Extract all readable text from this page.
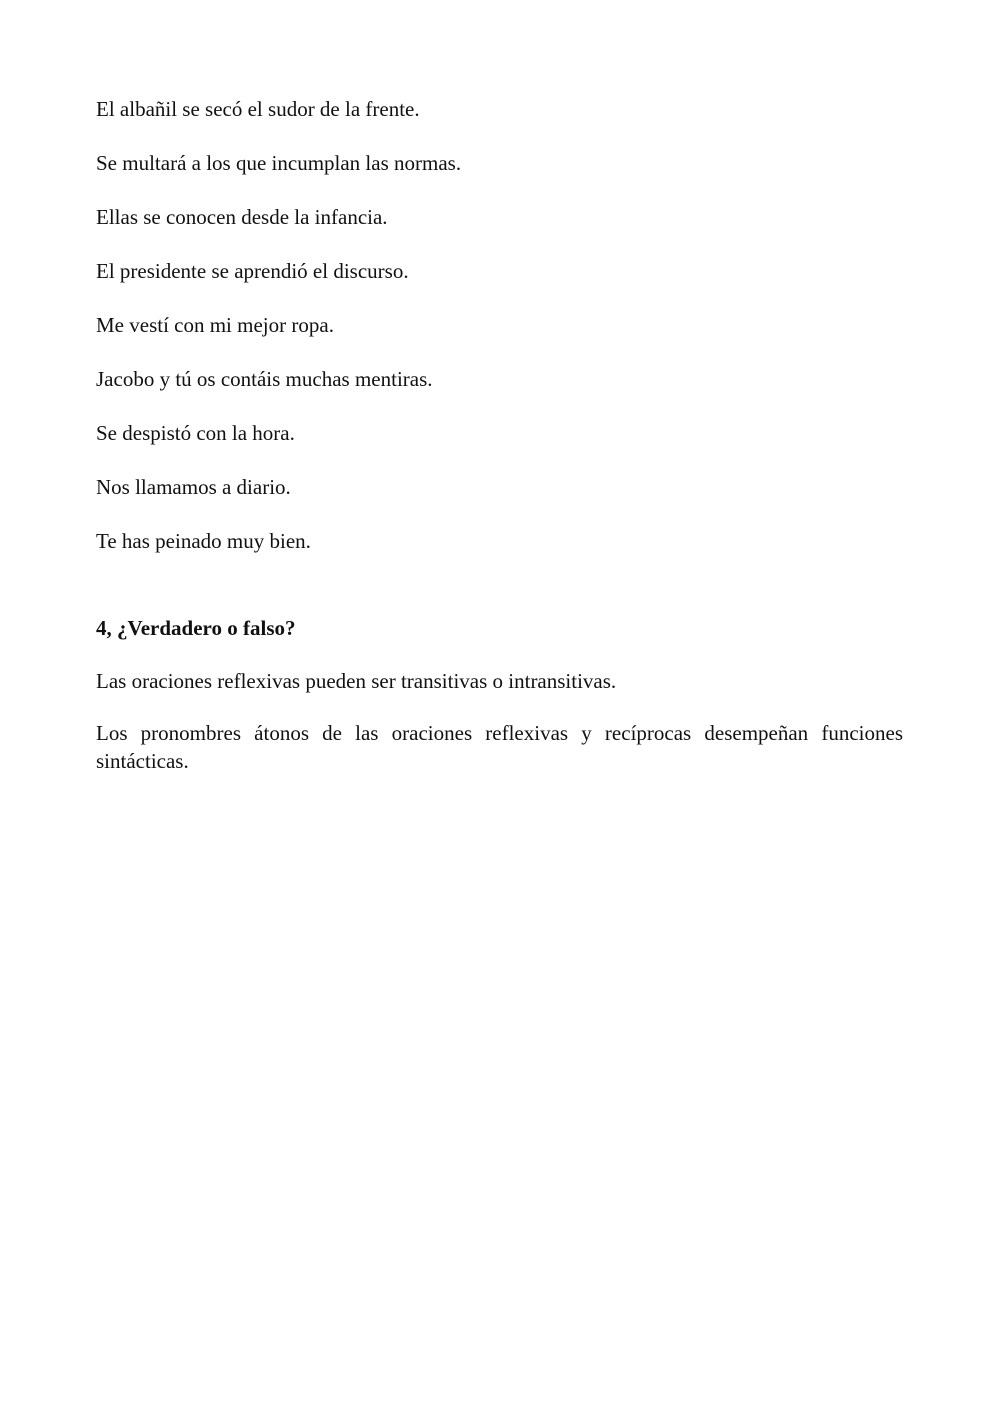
El albañil se secó el sudor de la frente.

Se multará a los que incumplan las normas.

Ellas se conocen desde la infancia.

El presidente se aprendió el discurso.

Me vestí con mi mejor ropa.

Jacobo y tú os contáis muchas mentiras.

Se despistó con la hora.

Nos llamamos a diario.

Te has peinado muy bien.

4, ¿Verdadero o falso?

Las oraciones reflexivas pueden ser transitivas o intransitivas.

Los pronombres átonos de las oraciones reflexivas y recíprocas desempeñan funciones sintácticas.
